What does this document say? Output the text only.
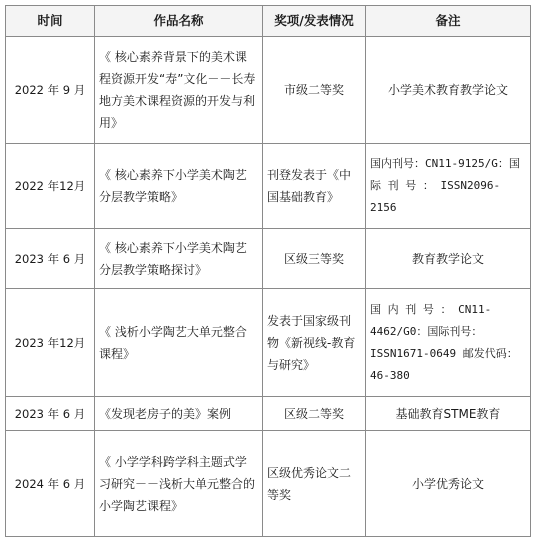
时间	作品名称	奖项/发表情况	备注
2022 年 9 月	《 核心素养背景下的美术课程资源开发“寿”文化－－长寿地方美术课程资源的开发与利用》	市级二等奖	小学美术教育教学论文
2022 年12月	《 核心素养下小学美术陶艺分层教学策略》	刊登发表于《中国基础教育》	国内刊号：CN11-9125/G：国 际 刊 号 ： ISSN2096-2156
2023 年 6 月	《 核心素养下小学美术陶艺分层教学策略探讨》	区级三等奖	教育教学论文
2023 年12月	《 浅析小学陶艺大单元整合课程》	发表于国家级刊物《新视线-教育与研究》	国 内 刊 号 ： CN11-4462/G0：国际刊号：ISSN1671-0649 邮发代码：46-380
2023 年 6 月	《发现老房子的美》案例	区级二等奖	基础教育STME教育
2024 年 6 月	《 小学学科跨学科主题式学习研究－－浅析大单元整合的小学陶艺课程》	区级优秀论文二等奖	小学优秀论文
